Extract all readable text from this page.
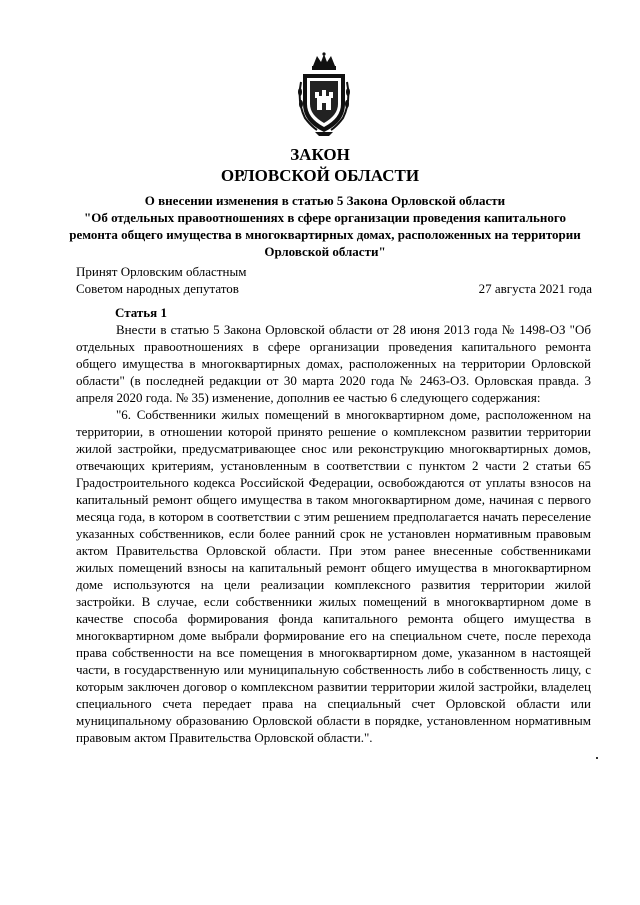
ЗАКОН
ОРЛОВСКОЙ ОБЛАСТИ
О внесении изменения в статью 5 Закона Орловской области
"Об отдельных правоотношениях в сфере организации проведения капитального ремонта общего имущества в многоквартирных домах, расположенных на территории Орловской области"
Принят Орловским областным
Советом народных депутатов	27 августа 2021 года
Статья 1

Внести в статью 5 Закона Орловской области от 28 июня 2013 года № 1498-ОЗ "Об отдельных правоотношениях в сфере организации проведения капитального ремонта общего имущества в многоквартирных домах, расположенных на территории Орловской области" (в последней редакции от 30 марта 2020 года № 2463-ОЗ. Орловская правда. 3 апреля 2020 года. № 35) изменение, дополнив ее частью 6 следующего содержания:

"6. Собственники жилых помещений в многоквартирном доме, расположенном на территории, в отношении которой принято решение о комплексном развитии территории жилой застройки, предусматривающее снос или реконструкцию многоквартирных домов, отвечающих критериям, установленным в соответствии с пунктом 2 части 2 статьи 65 Градостроительного кодекса Российской Федерации, освобождаются от уплаты взносов на капитальный ремонт общего имущества в таком многоквартирном доме, начиная с первого месяца года, в котором в соответствии с этим решением предполагается начать переселение указанных собственников, если более ранний срок не установлен нормативным правовым актом Правительства Орловской области. При этом ранее внесенные собственниками жилых помещений взносы на капитальный ремонт общего имущества в многоквартирном доме используются на цели реализации комплексного развития территории жилой застройки. В случае, если собственники жилых помещений в многоквартирном доме в качестве способа формирования фонда капитального ремонта общего имущества в многоквартирном доме выбрали формирование его на специальном счете, после перехода права собственности на все помещения в многоквартирном доме, указанном в настоящей части, в государственную или муниципальную собственность либо в собственность лицу, с которым заключен договор о комплексном развитии территории жилой застройки, владелец специального счета передает права на специальный счет Орловской области или муниципальному образованию Орловской области в порядке, установленном нормативным правовым актом Правительства Орловской области.".
